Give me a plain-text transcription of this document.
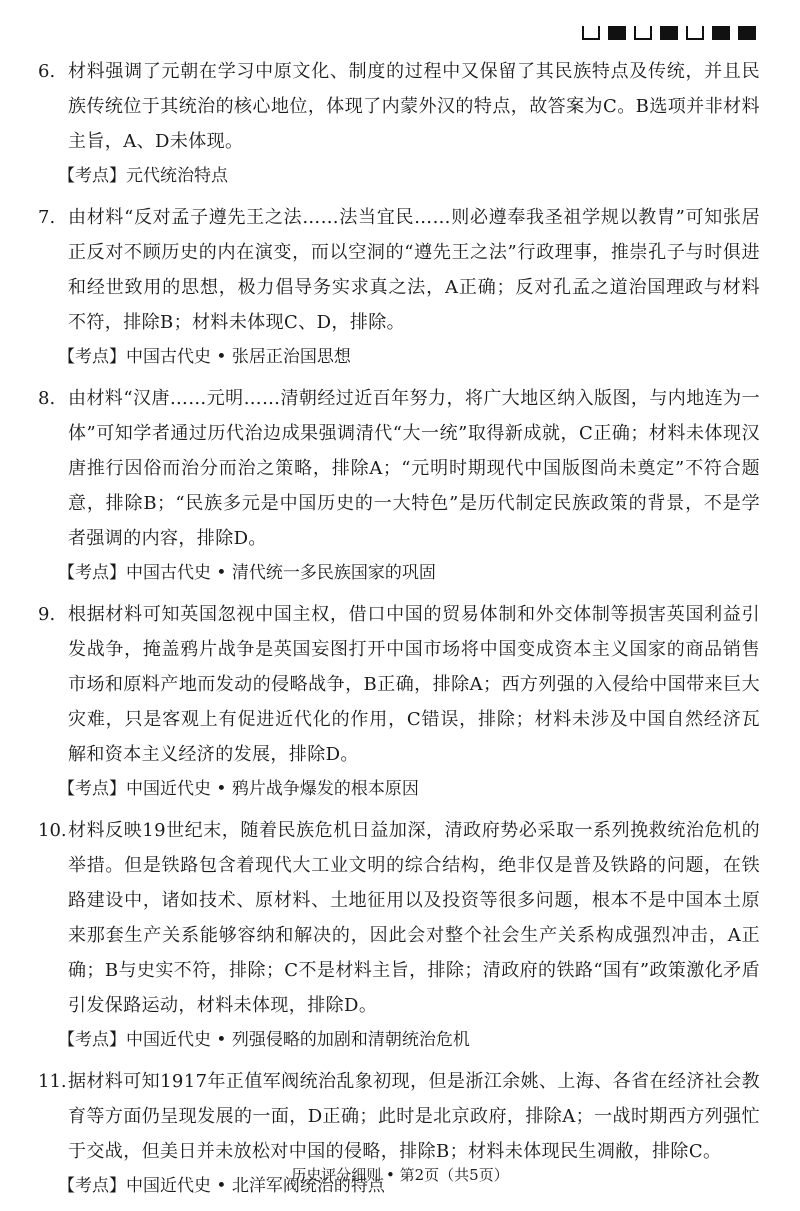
6. 材料强调了元朝在学习中原文化、制度的过程中又保留了其民族特点及传统，并且民族传统位于其统治的核心地位，体现了内蒙外汉的特点，故答案为C。B选项并非材料主旨，A、D未体现。
【考点】元代统治特点
7. 由材料“反对孟子遵先王之法……法当宜民……则必遵奉我圣祖学规以教胄”可知张居正反对不顾历史的内在演变，而以空洞的“遵先王之法”行政理事，推崇孔子与时俱进和经世致用的思想，极力倡导务实求真之法，A正确；反对孔孟之道治国理政与材料不符，排除B；材料未体现C、D，排除。
【考点】中国古代史 • 张居正治国思想
8. 由材料“汉唐……元明……清朝经过近百年努力，将广大地区纳入版图，与内地连为一体”可知学者通过历代治边成果强调清代“大一统”取得新成就，C正确；材料未体现汉唐推行因俗而治分而治之策略，排除A；“元明时期现代中国版图尚未奠定”不符合题意，排除B；“民族多元是中国历史的一大特色”是历代制定民族政策的背景，不是学者强调的内容，排除D。
【考点】中国古代史 • 清代统一多民族国家的巩固
9. 根据材料可知英国忽视中国主权，借口中国的贸易体制和外交体制等损害英国利益引发战争，掩盖鸦片战争是英国妄图打开中国市场将中国变成资本主义国家的商品销售市场和原料产地而发动的侵略战争，B正确，排除A；西方列强的入侵给中国带来巨大灾难，只是客观上有促进近代化的作用，C错误，排除；材料未涉及中国自然经济瓦解和资本主义经济的发展，排除D。
【考点】中国近代史 • 鸦片战争爆发的根本原因
10. 材料反映19世纪末，随着民族危机日益加深，清政府势必采取一系列挽救统治危机的举措。但是铁路包含着现代大工业文明的综合结构，绝非仅是普及铁路的问题，在铁路建设中，诸如技术、原材料、土地征用以及投资等很多问题，根本不是中国本土原来那套生产关系能够容纳和解决的，因此会对整个社会生产关系构成强烈冲击，A正确；B与史实不符，排除；C不是材料主旨，排除；清政府的铁路“国有”政策激化矛盾引发保路运动，材料未体现，排除D。
【考点】中国近代史 • 列强侵略的加剧和清朝统治危机
11. 据材料可知1917年正值军阀统治乱象初现，但是浙江余姚、上海、各省在经济社会教育等方面仍呈现发展的一面，D正确；此时是北京政府，排除A；一战时期西方列强忙于交战，但美日并未放松对中国的侵略，排除B；材料未体现民生凋敝，排除C。
【考点】中国近代史 • 北洋军阀统治的特点
历史评分细则 • 第2页（共5页）
